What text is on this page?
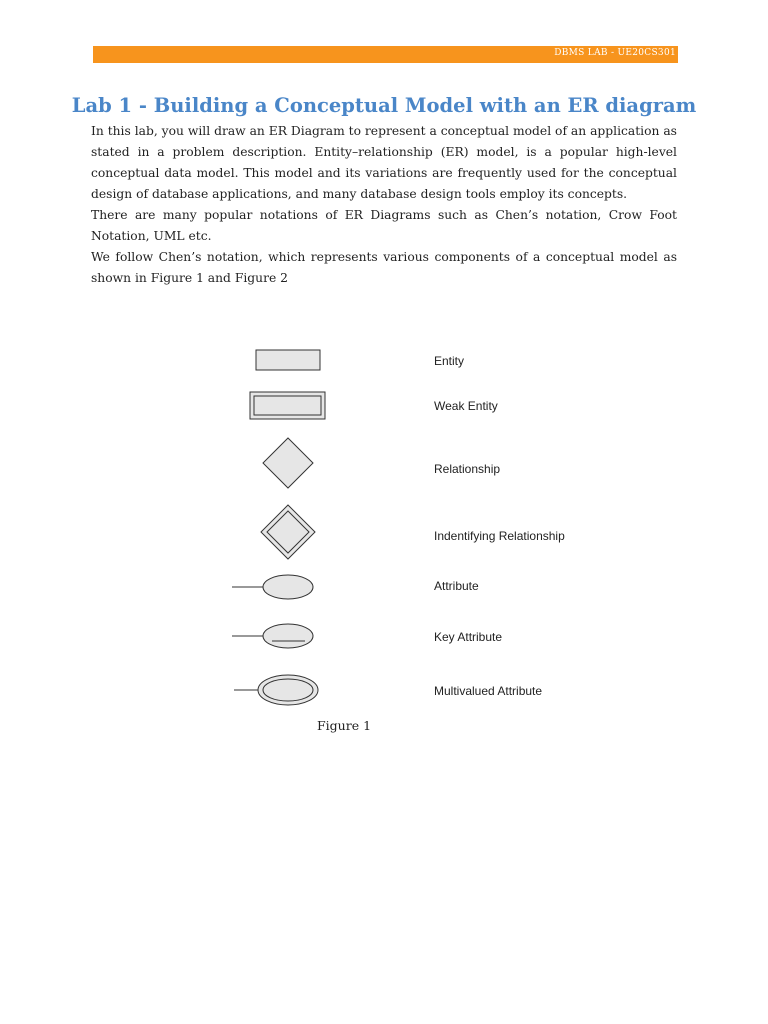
DBMS LAB - UE20CS301
Lab 1 - Building a Conceptual Model with an ER diagram

In this lab, you will draw an ER Diagram to represent a conceptual model of an application as stated in a problem description. Entity–relationship (ER) model, is a popular high-level conceptual data model. This model and its variations are frequently used for the conceptual design of database applications, and many database design tools employ its concepts.

There are many popular notations of ER Diagrams such as Chen’s notation, Crow Foot Notation, UML etc.

We follow Chen’s notation, which represents various components of a conceptual model as shown in Figure 1 and Figure 2

Entity
Weak Entity
Relationship
Indentifying Relationship
Attribute
Key Attribute
Multivalued Attribute
Figure 1
